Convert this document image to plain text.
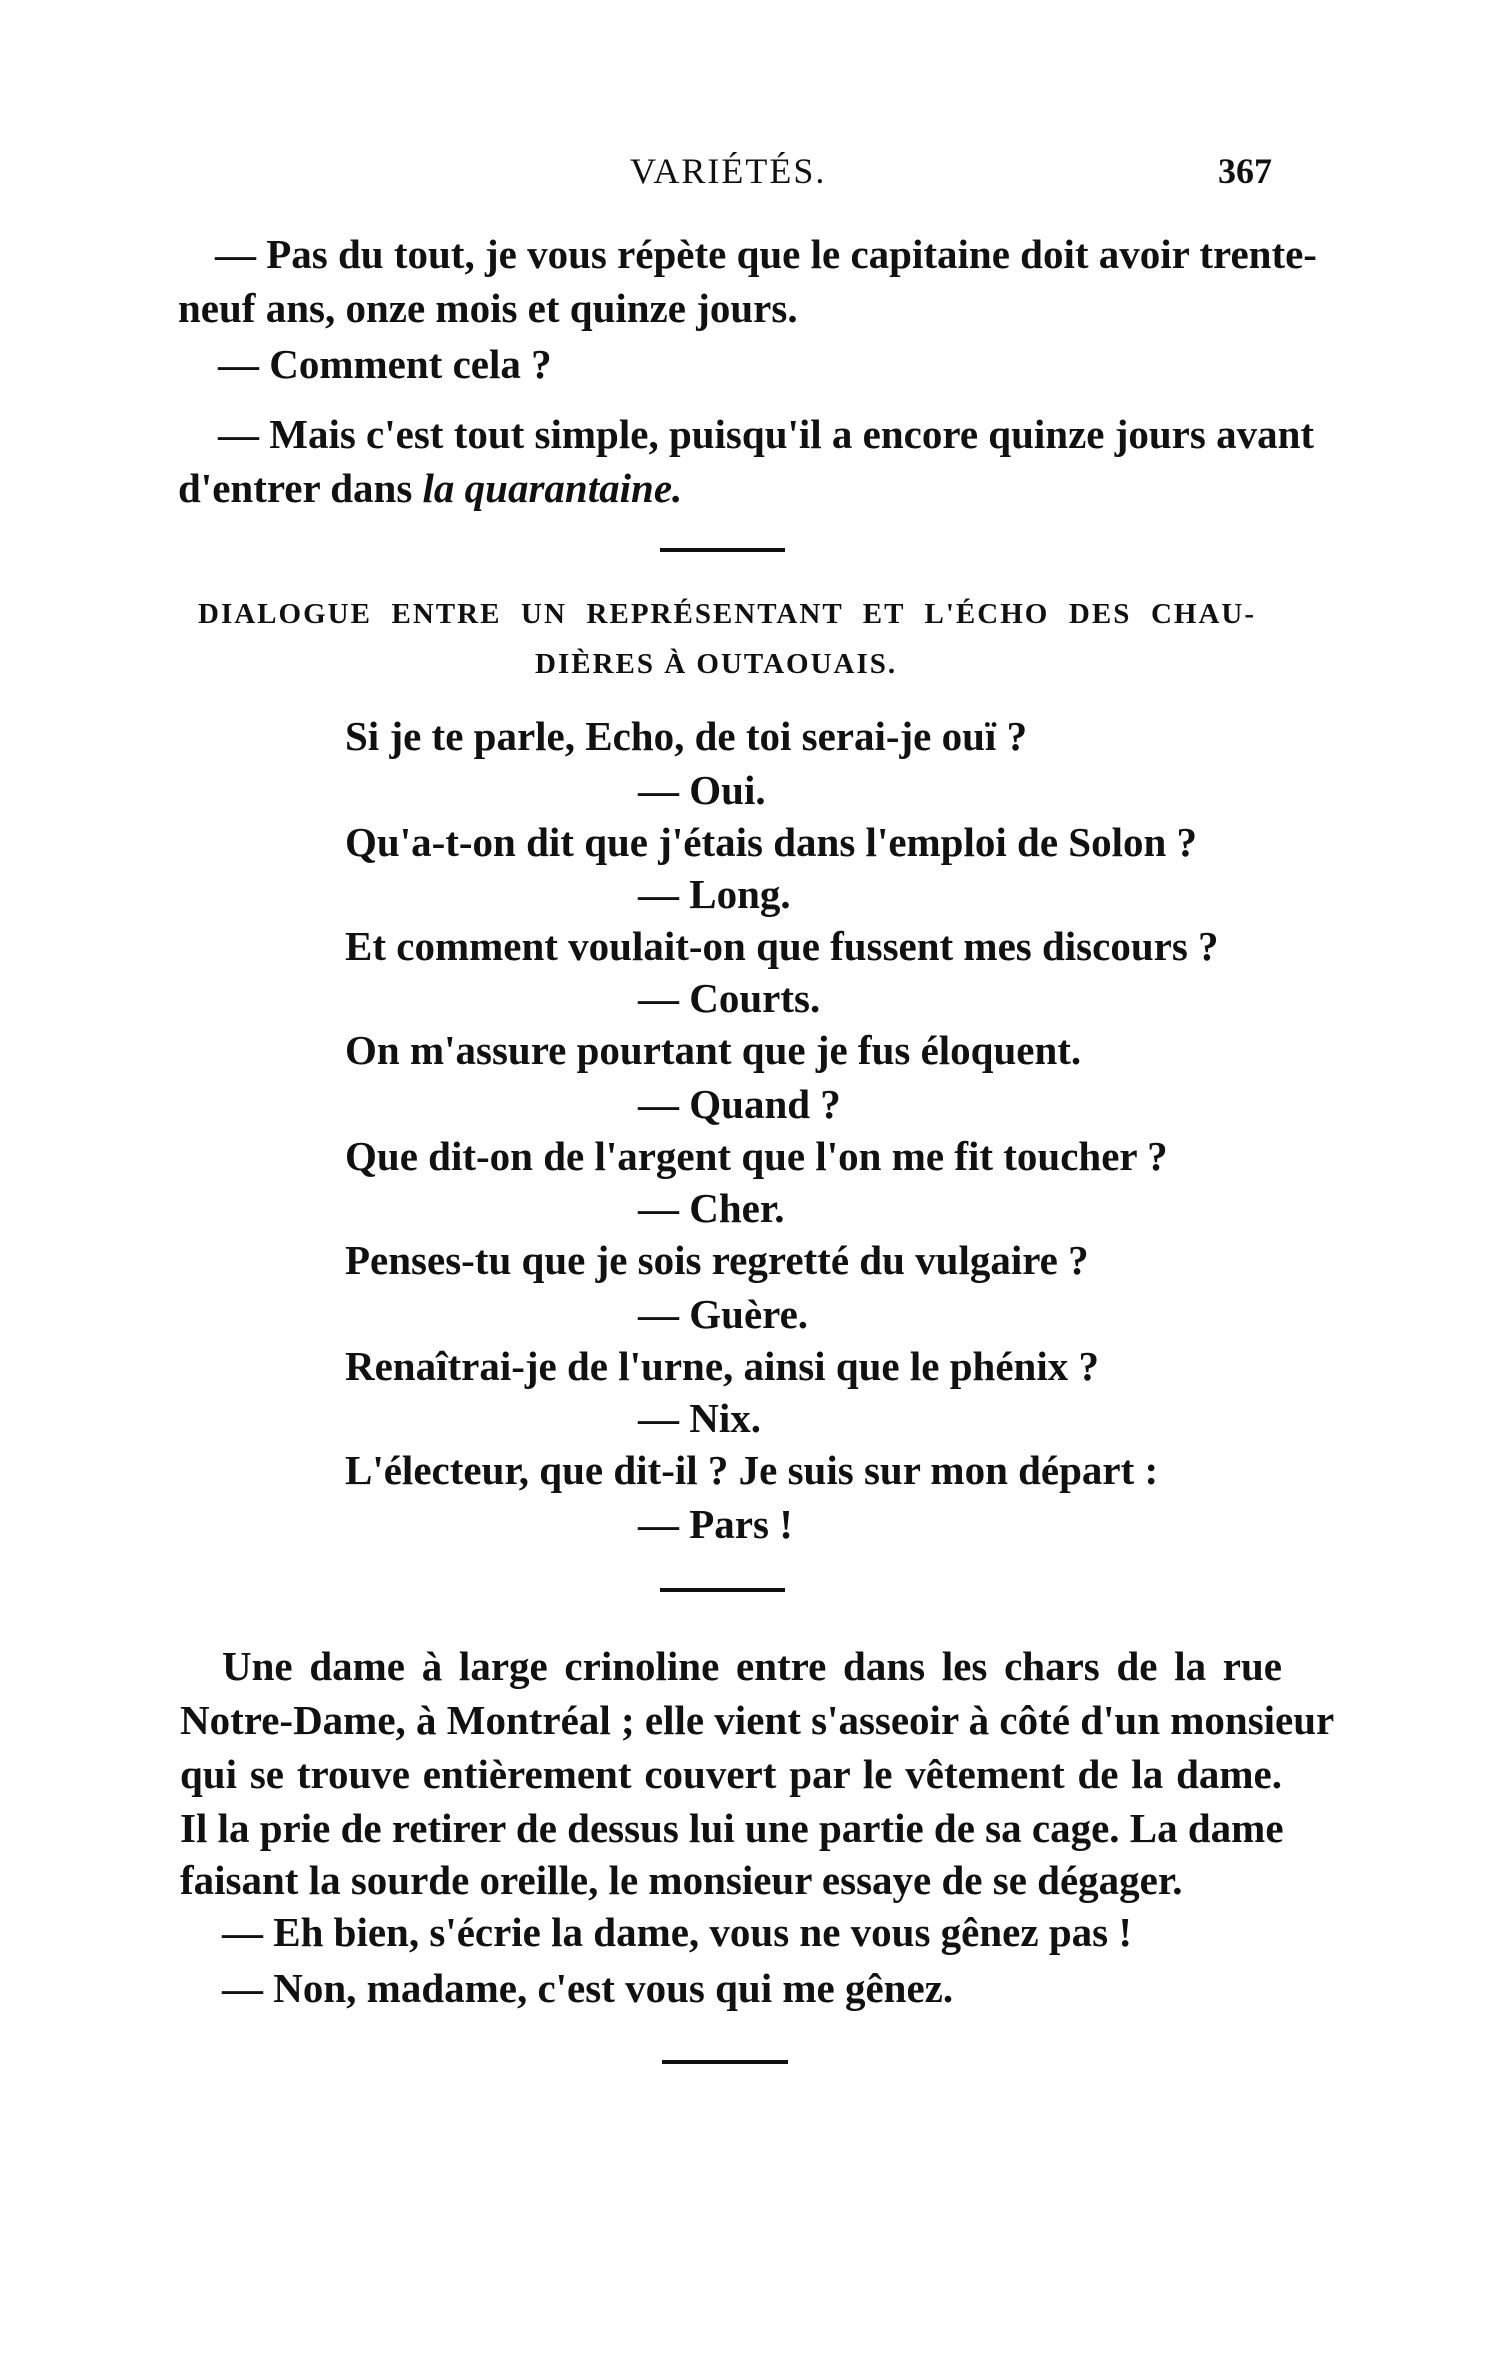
VARIÉTÉS.	367
— Pas du tout, je vous répète que le capitaine doit avoir trente-
neuf ans, onze mois et quinze jours.
— Comment cela ?
— Mais c'est tout simple, puisqu'il a encore quinze jours avant
d'entrer dans la quarantaine.
DIALOGUE ENTRE UN REPRÉSENTANT ET L'ÉCHO DES CHAU-
DIÈRES À OUTAOUAIS.
Si je te parle, Echo, de toi serai-je ouï ?
— Oui.
Qu'a-t-on dit que j'étais dans l'emploi de Solon ?
— Long.
Et comment voulait-on que fussent mes discours ?
— Courts.
On m'assure pourtant que je fus éloquent.
— Quand ?
Que dit-on de l'argent que l'on me fit toucher ?
— Cher.
Penses-tu que je sois regretté du vulgaire ?
— Guère.
Renaîtrai-je de l'urne, ainsi que le phénix ?
— Nix.
L'électeur, que dit-il ? Je suis sur mon départ :
— Pars !
Une dame à large crinoline entre dans les chars de la rue
Notre-Dame, à Montréal ; elle vient s'asseoir à côté d'un monsieur
qui se trouve entièrement couvert par le vêtement de la dame.
Il la prie de retirer de dessus lui une partie de sa cage. La dame
faisant la sourde oreille, le monsieur essaye de se dégager.
— Eh bien, s'écrie la dame, vous ne vous gênez pas !
— Non, madame, c'est vous qui me gênez.
